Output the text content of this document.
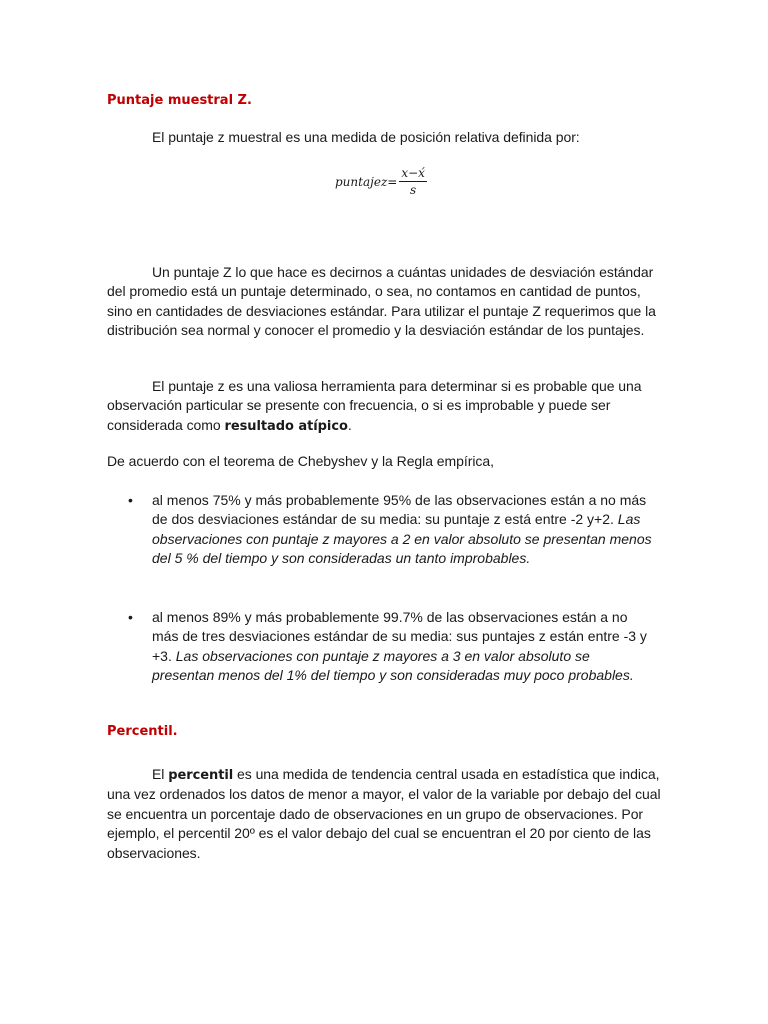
Puntaje muestral Z.

El puntaje z muestral es una medida de posición relativa definida por:

puntajez= $\frac{x-x́}{s}$

Un puntaje Z lo que hace es decirnos a cuántas unidades de desviación estándar del promedio está un puntaje determinado, o sea, no contamos en cantidad de puntos, sino en cantidades de desviaciones estándar. Para utilizar el puntaje Z requerimos que la distribución sea normal y conocer el promedio y la desviación estándar de los puntajes.

El puntaje z es una valiosa herramienta para determinar si es probable que una observación particular se presente con frecuencia, o si es improbable y puede ser considerada como resultado atípico.

De acuerdo con el teorema de Chebyshev y la Regla empírica,

• al menos 75% y más probablemente 95% de las observaciones están a no más de dos desviaciones estándar de su media: su puntaje z está entre -2 y+2. Las observaciones con puntaje z mayores a 2 en valor absoluto se presentan menos del 5 % del tiempo y son consideradas un tanto improbables.

• al menos 89% y más probablemente 99.7% de las observaciones están a no más de tres desviaciones estándar de su media: sus puntajes z están entre -3 y +3. Las observaciones con puntaje z mayores a 3 en valor absoluto se presentan menos del 1% del tiempo y son consideradas muy poco probables.

Percentil.

El percentil es una medida de tendencia central usada en estadística que indica, una vez ordenados los datos de menor a mayor, el valor de la variable por debajo del cual se encuentra un porcentaje dado de observaciones en un grupo de observaciones. Por ejemplo, el percentil 20º es el valor debajo del cual se encuentran el 20 por ciento de las observaciones.
